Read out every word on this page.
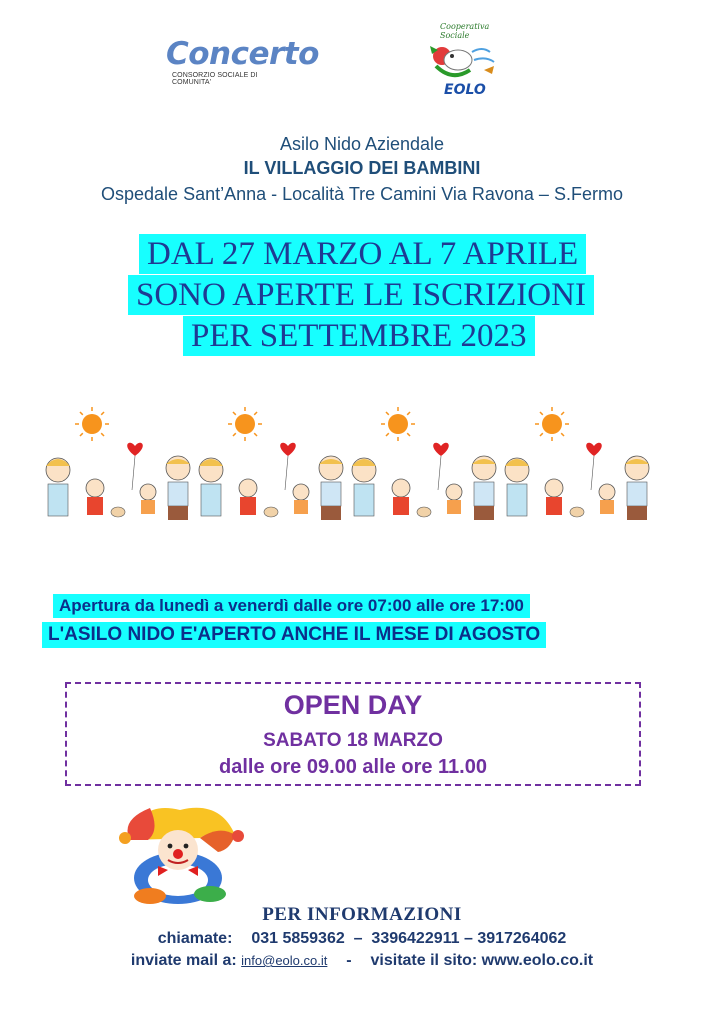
Concerto
CONSORZIO SOCIALE DI COMUNITA'
Cooperativa Sociale
EOLO
Asilo Nido Aziendale
IL VILLAGGIO DEI BAMBINI
Ospedale Sant’Anna - Località Tre Camini Via Ravona – S.Fermo
DAL 27 MARZO AL 7 APRILE
SONO APERTE LE ISCRIZIONI
PER SETTEMBRE 2023
Apertura da lunedì a venerdì dalle ore 07:00 alle ore 17:00
L'ASILO NIDO E'APERTO ANCHE IL MESE DI AGOSTO
OPEN DAY
SABATO 18 MARZO
dalle ore 09.00 alle ore 11.00
PER INFORMAZIONI
chiamate: 031 5859362  –  3396422911 – 3917264062
inviate mail a: info@eolo.co.it - visitate il sito: www.eolo.co.it
